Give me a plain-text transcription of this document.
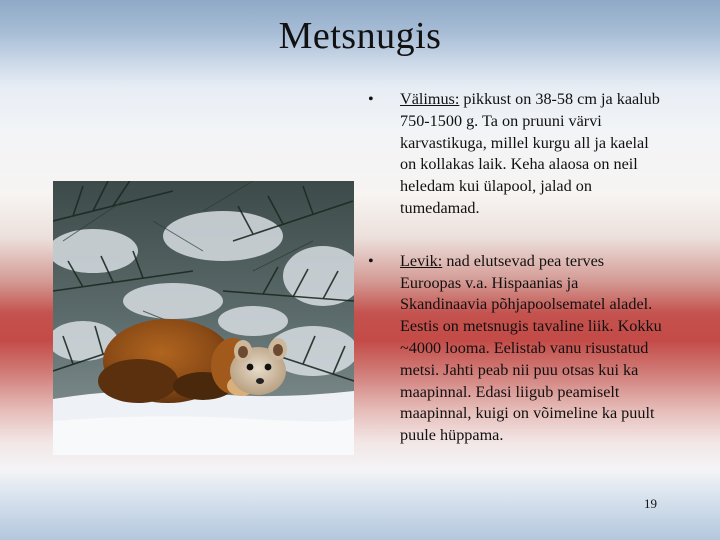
Metsnugis
• Välimus: pikkust on 38-58 cm ja kaalub 750-1500 g. Ta on pruuni värvi karvastikuga, millel kurgu all ja kaelal on kollakas laik. Keha alaosa on neil heledam kui ülapool, jalad on tumedamad.
• Levik: nad elutsevad pea terves Euroopas v.a. Hispaanias ja Skandinaavia põhjapoolsematel aladel. Eestis on metsnugis tavaline liik. Kokku ~4000 looma. Eelistab vanu risustatud metsi. Jahti peab nii puu otsas kui ka maapinnal. Edasi liigub peamiselt maapinnal, kuigi on võimeline ka puult puule hüppama.
19
